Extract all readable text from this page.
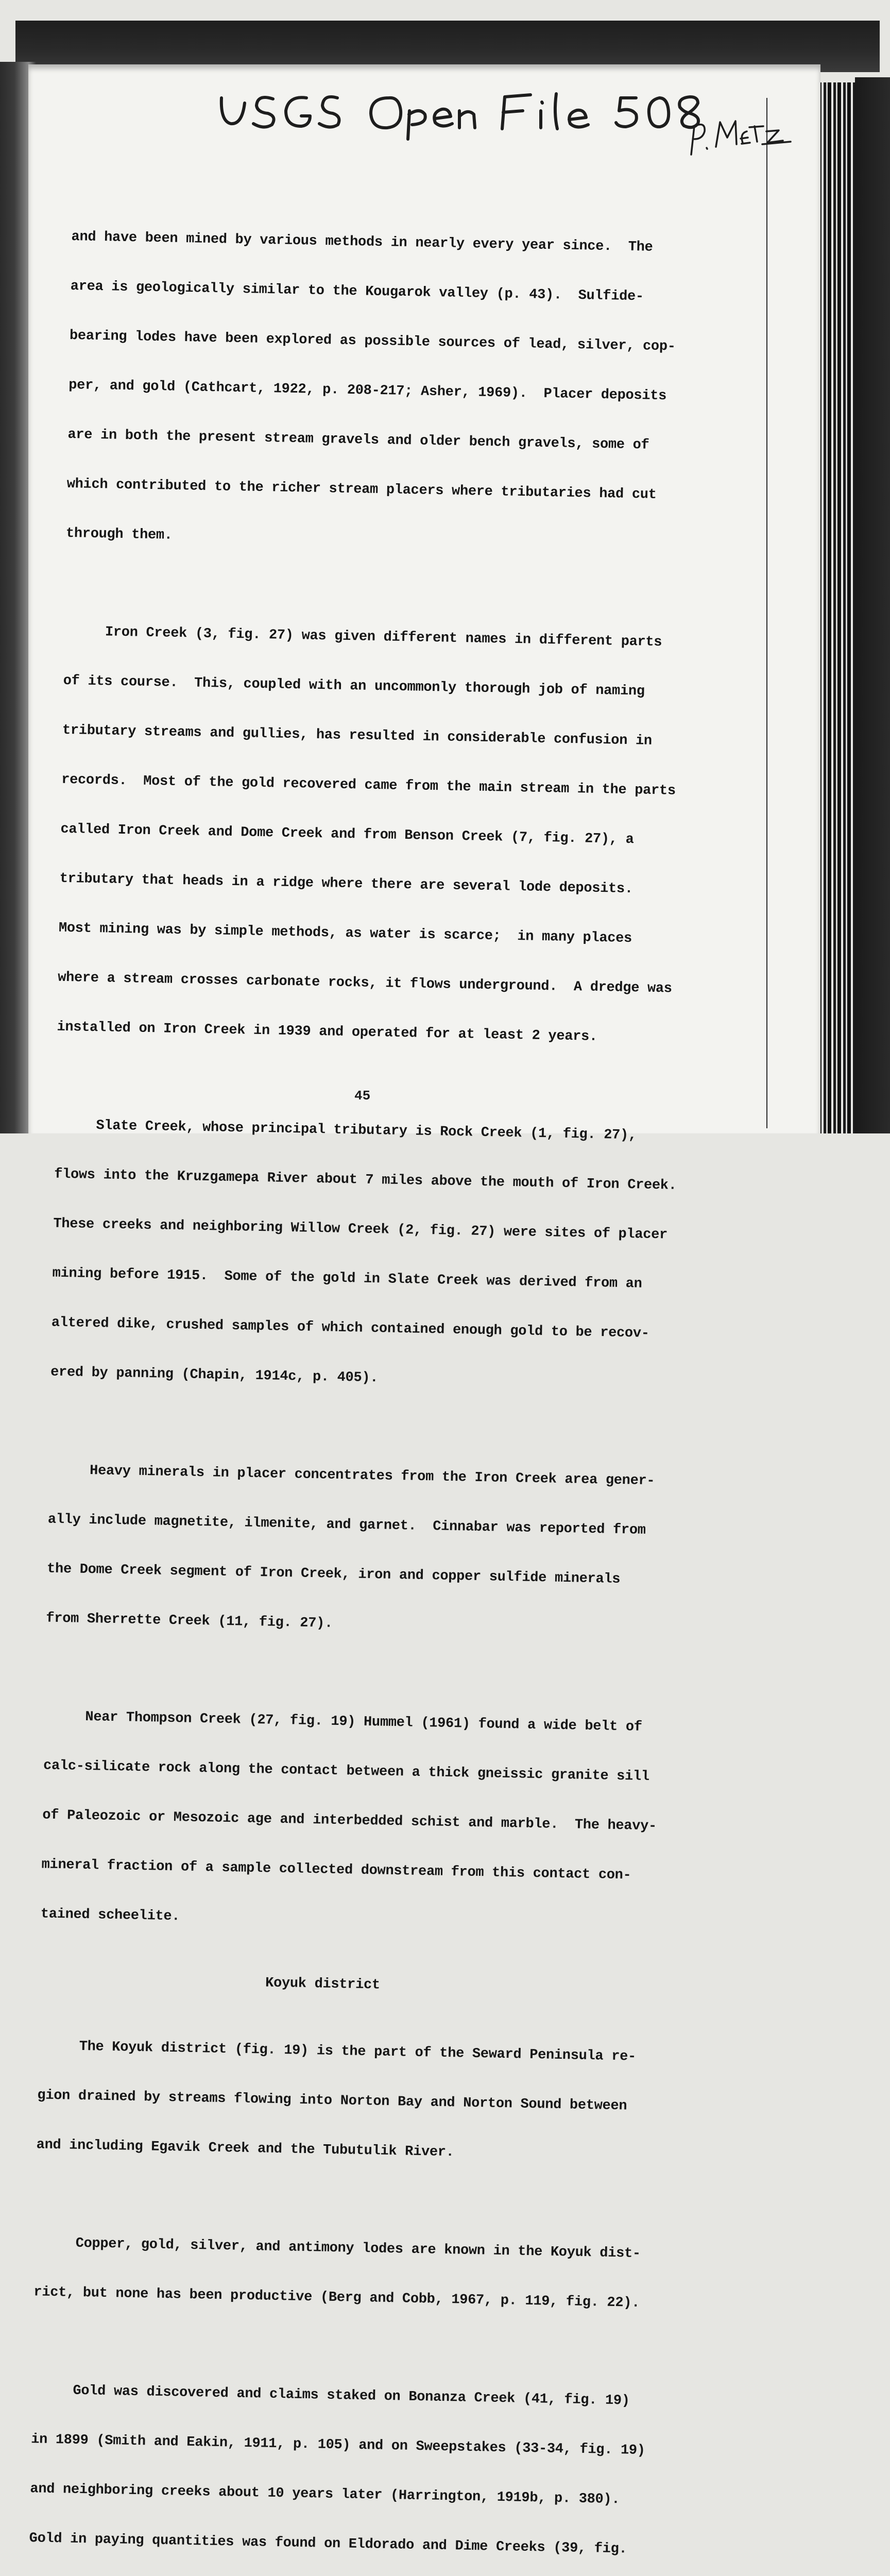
and have been mined by various methods in nearly every year since.  The

area is geologically similar to the Kougarok valley (p. 43).  Sulfide-

bearing lodes have been explored as possible sources of lead, silver, cop-

per, and gold (Cathcart, 1922, p. 208-217; Asher, 1969).  Placer deposits

are in both the present stream gravels and older bench gravels, some of

which contributed to the richer stream placers where tributaries had cut

through them.

Iron Creek (3, fig. 27) was given different names in different parts

of its course.  This, coupled with an uncommonly thorough job of naming

tributary streams and gullies, has resulted in considerable confusion in

records.  Most of the gold recovered came from the main stream in the parts

called Iron Creek and Dome Creek and from Benson Creek (7, fig. 27), a

tributary that heads in a ridge where there are several lode deposits.

Most mining was by simple methods, as water is scarce;  in many places

where a stream crosses carbonate rocks, it flows underground.  A dredge was

installed on Iron Creek in 1939 and operated for at least 2 years.

Slate Creek, whose principal tributary is Rock Creek (1, fig. 27),

flows into the Kruzgamepa River about 7 miles above the mouth of Iron Creek.

These creeks and neighboring Willow Creek (2, fig. 27) were sites of placer

mining before 1915.  Some of the gold in Slate Creek was derived from an

altered dike, crushed samples of which contained enough gold to be recov-

ered by panning (Chapin, 1914c, p. 405).

Heavy minerals in placer concentrates from the Iron Creek area gener-

ally include magnetite, ilmenite, and garnet.  Cinnabar was reported from

the Dome Creek segment of Iron Creek, iron and copper sulfide minerals

from Sherrette Creek (11, fig. 27).

Near Thompson Creek (27, fig. 19) Hummel (1961) found a wide belt of

calc-silicate rock along the contact between a thick gneissic granite sill

of Paleozoic or Mesozoic age and interbedded schist and marble.  The heavy-

mineral fraction of a sample collected downstream from this contact con-

tained scheelite.

Koyuk district

The Koyuk district (fig. 19) is the part of the Seward Peninsula re-

gion drained by streams flowing into Norton Bay and Norton Sound between

and including Egavik Creek and the Tubutulik River.

Copper, gold, silver, and antimony lodes are known in the Koyuk dist-

rict, but none has been productive (Berg and Cobb, 1967, p. 119, fig. 22).

Gold was discovered and claims staked on Bonanza Creek (41, fig. 19)

in 1899 (Smith and Eakin, 1911, p. 105) and on Sweepstakes (33-34, fig. 19)

and neighboring creeks about 10 years later (Harrington, 1919b, p. 380).

Gold in paying quantities was found on Eldorado and Dime Creeks (39, fig.

45
